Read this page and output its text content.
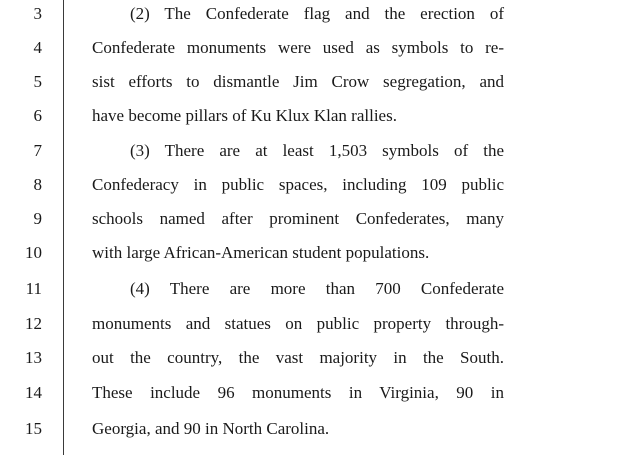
3	(2) The Confederate flag and the erection of
4	Confederate monuments were used as symbols to re-
5	sist efforts to dismantle Jim Crow segregation, and
6	have become pillars of Ku Klux Klan rallies.
7	(3) There are at least 1,503 symbols of the
8	Confederacy in public spaces, including 109 public
9	schools named after prominent Confederates, many
10	with large African-American student populations.
11	(4) There are more than 700 Confederate
12	monuments and statues on public property through-
13	out the country, the vast majority in the South.
14	These include 96 monuments in Virginia, 90 in
15	Georgia, and 90 in North Carolina.
